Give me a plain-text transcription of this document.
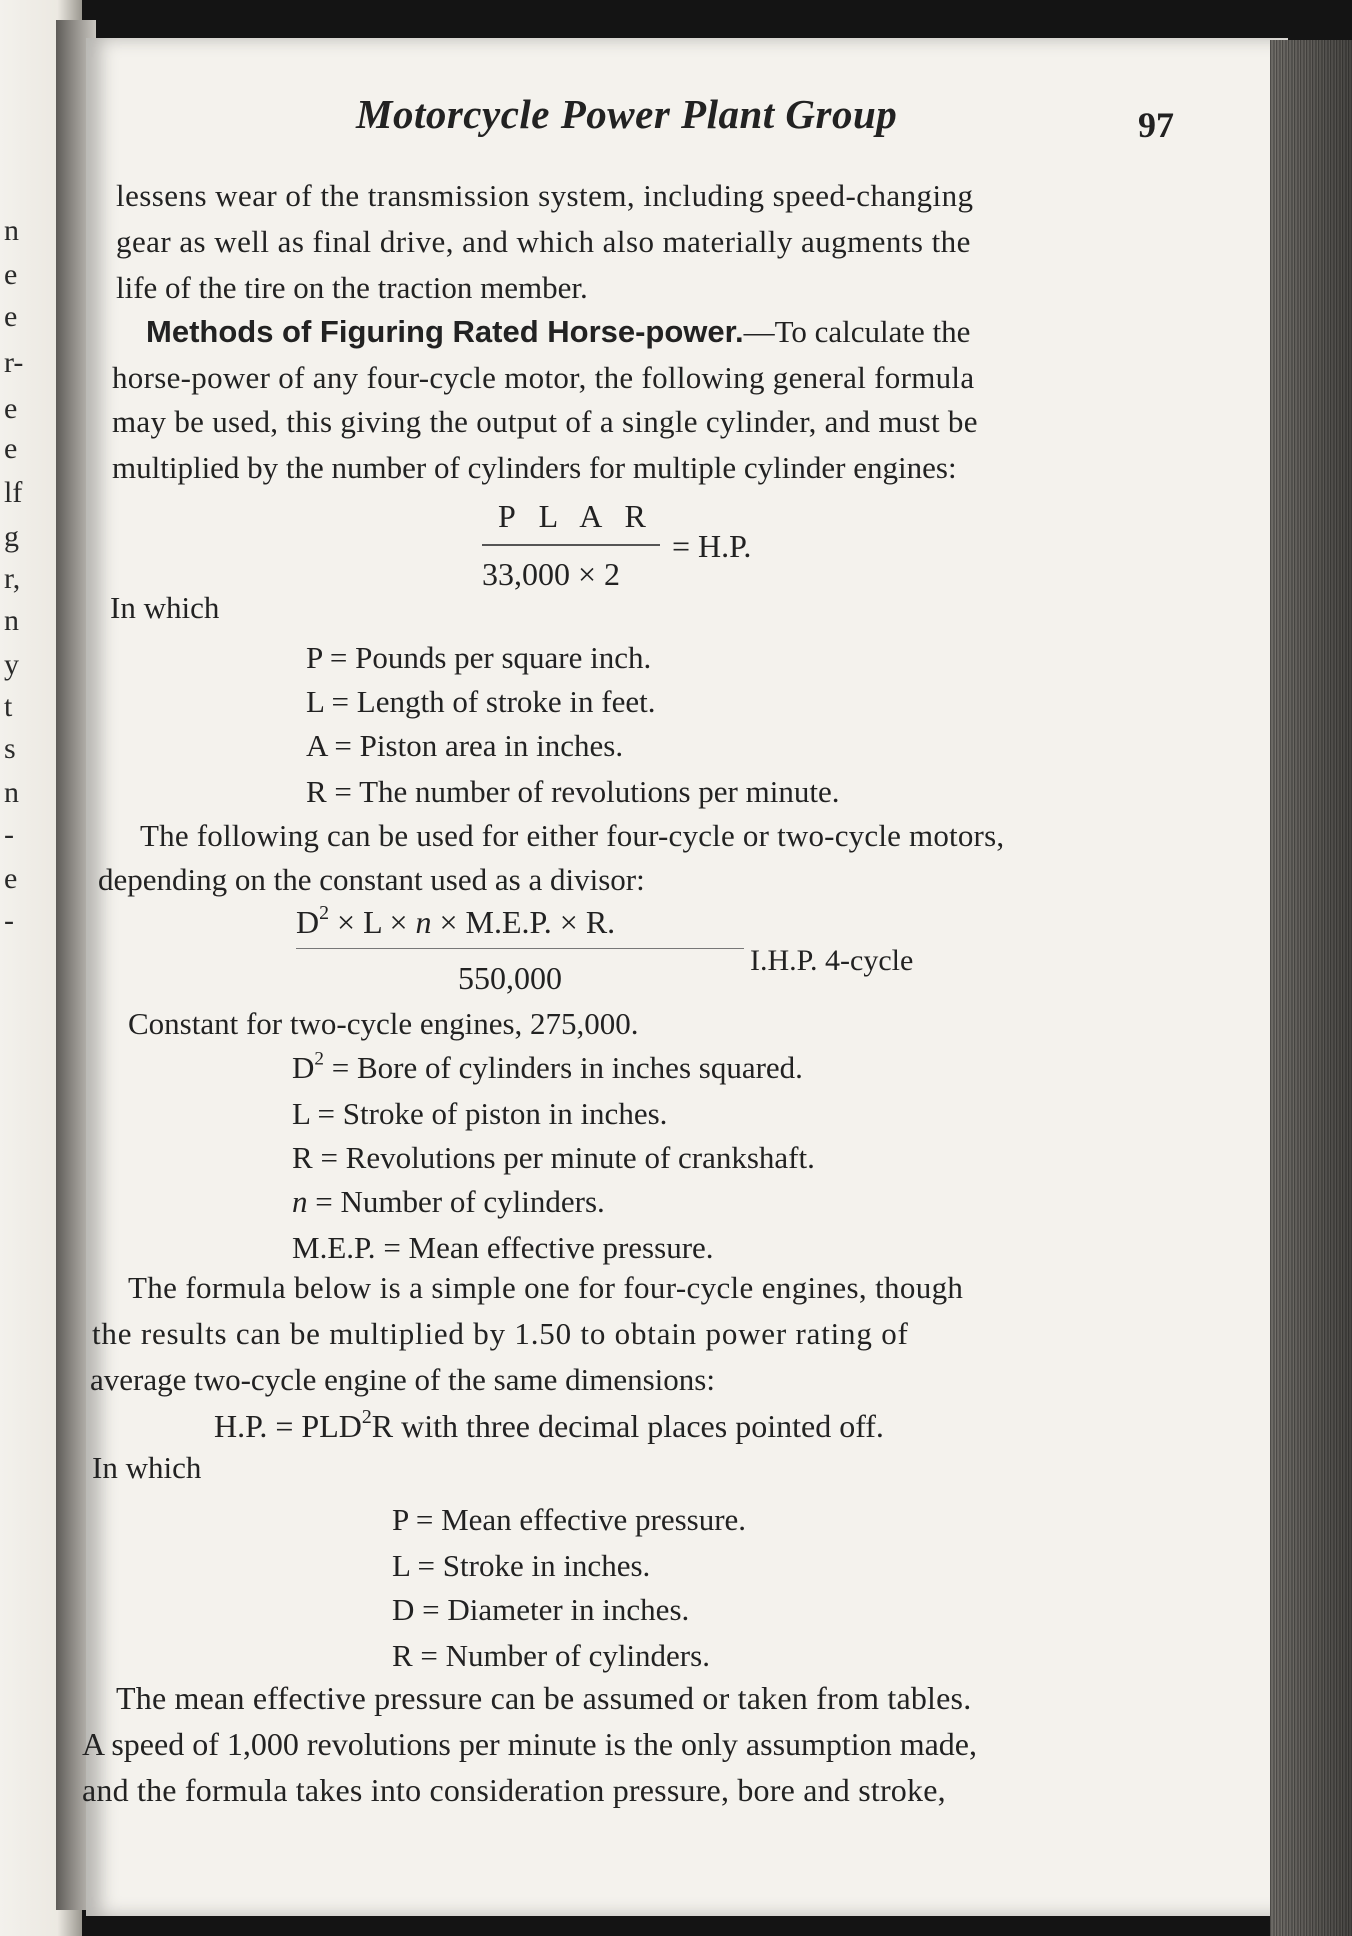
n
e
e
r-
e
e
lf
g
r,
n
y
t
s
n
-
e
-
Motorcycle Power Plant Group	97
lessens wear of the transmission system, including speed-changing
gear as well as final drive, and which also materially augments the
life of the tire on the traction member.
Methods of Figuring Rated Horse-power.—To calculate the
horse-power of any four-cycle motor, the following general formula
may be used, this giving the output of a single cylinder, and must be
multiplied by the number of cylinders for multiple cylinder engines:
P L A R
33,000 × 2
= H.P.
In which
P = Pounds per square inch.
L = Length of stroke in feet.
A = Piston area in inches.
R = The number of revolutions per minute.
The following can be used for either four-cycle or two-cycle motors,
depending on the constant used as a divisor:
$D^2 \times L \times n \times M.E.P$. × R.
550,000	I.H.P. 4-cycle
Constant for two-cycle engines, 275,000.
$D^2$ = Bore of cylinders in inches squared.
L = Stroke of piston in inches.
R = Revolutions per minute of crankshaft.
n = Number of cylinders.
M.E.P. = Mean effective pressure.
The formula below is a simple one for four-cycle engines, though
the results can be multiplied by 1.50 to obtain power rating of
average two-cycle engine of the same dimensions:
H.P. = $PLD^2R$ with three decimal places pointed off.
In which
P = Mean effective pressure.
L = Stroke in inches.
D = Diameter in inches.
R = Number of cylinders.
The mean effective pressure can be assumed or taken from tables.
A speed of 1,000 revolutions per minute is the only assumption made,
and the formula takes into consideration pressure, bore and stroke,
